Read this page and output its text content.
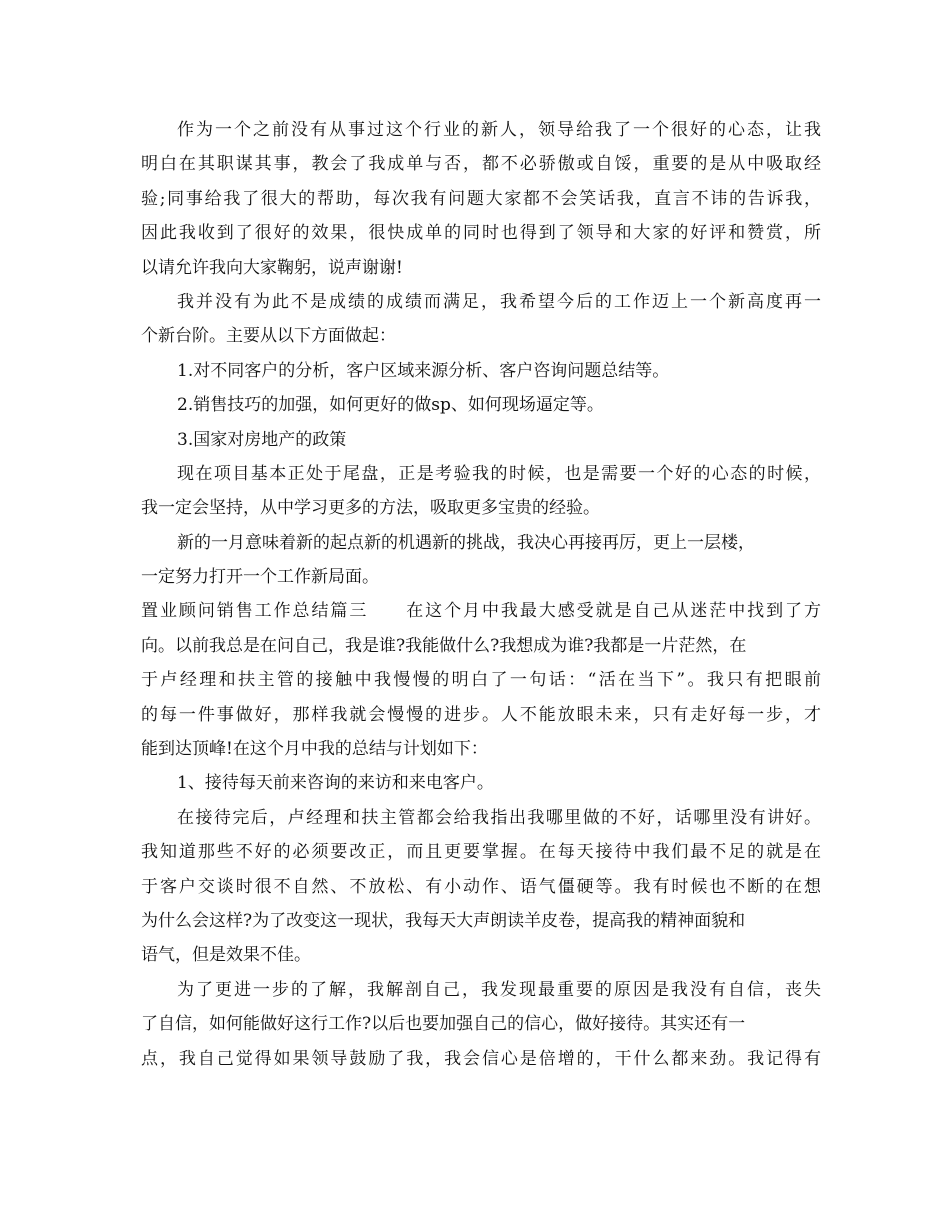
作为一个之前没有从事过这个行业的新人，领导给我了一个很好的心态，让我
明白在其职谋其事，教会了我成单与否，都不必骄傲或自馁，重要的是从中吸取经
验;同事给我了很大的帮助，每次我有问题大家都不会笑话我，直言不讳的告诉我，
因此我收到了很好的效果，很快成单的同时也得到了领导和大家的好评和赞赏，所
以请允许我向大家鞠躬，说声谢谢!
我并没有为此不是成绩的成绩而满足，我希望今后的工作迈上一个新高度再一
个新台阶。主要从以下方面做起：
1.对不同客户的分析，客户区域来源分析、客户咨询问题总结等。
2.销售技巧的加强，如何更好的做sp、如何现场逼定等。
3.国家对房地产的政策
现在项目基本正处于尾盘，正是考验我的时候，也是需要一个好的心态的时候，
我一定会坚持，从中学习更多的方法，吸取更多宝贵的经验。
新的一月意味着新的起点新的机遇新的挑战，我决心再接再厉，更上一层楼，
一定努力打开一个工作新局面。
置业顾问销售工作总结篇三　　在这个月中我最大感受就是自己从迷茫中找到了方
向。以前我总是在问自己，我是谁?我能做什么?我想成为谁?我都是一片茫然，在
于卢经理和扶主管的接触中我慢慢的明白了一句话：“活在当下”。我只有把眼前
的每一件事做好，那样我就会慢慢的进步。人不能放眼未来，只有走好每一步，才
能到达顶峰!在这个月中我的总结与计划如下：
1、接待每天前来咨询的来访和来电客户。
在接待完后，卢经理和扶主管都会给我指出我哪里做的不好，话哪里没有讲好。
我知道那些不好的必须要改正，而且更要掌握。在每天接待中我们最不足的就是在
于客户交谈时很不自然、不放松、有小动作、语气僵硬等。我有时候也不断的在想
为什么会这样?为了改变这一现状，我每天大声朗读羊皮卷，提高我的精神面貌和
语气，但是效果不佳。
为了更进一步的了解，我解剖自己，我发现最重要的原因是我没有自信，丧失
了自信，如何能做好这行工作?以后也要加强自己的信心，做好接待。其实还有一
点，我自己觉得如果领导鼓励了我，我会信心是倍增的，干什么都来劲。我记得有
